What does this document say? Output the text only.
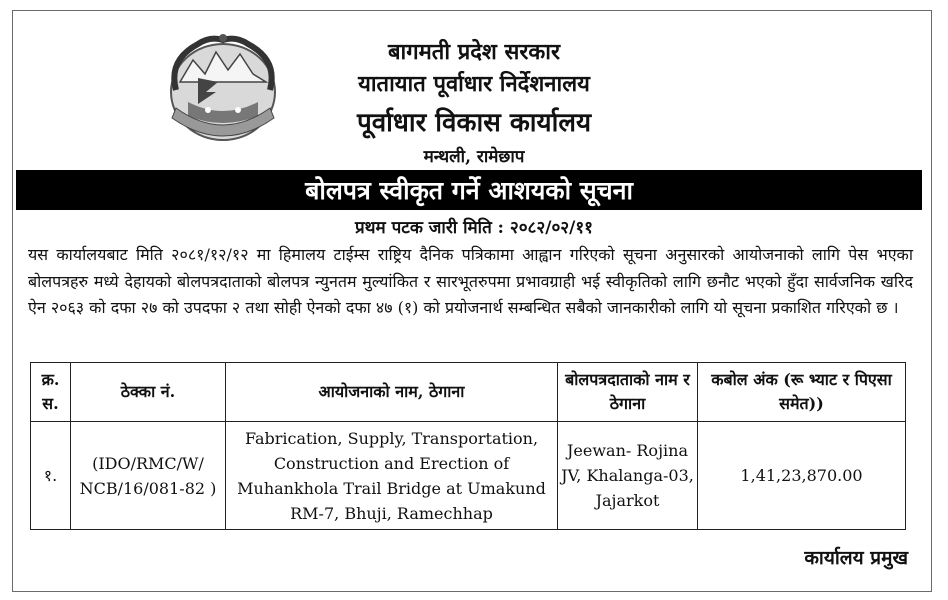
बागमती प्रदेश सरकार
यातायात पूर्वाधार निर्देशनालय
पूर्वाधार विकास कार्यालय
मन्थली, रामेछाप
बोलपत्र स्वीकृत गर्ने आशयको सूचना
प्रथम पटक जारी मिति : २०८२/०२/११
यस कार्यालयबाट मिति २०८१/१२/१२ मा हिमालय टाईम्स राष्ट्रिय दैनिक पत्रिकामा आह्वान गरिएको सूचना अनुसारको आयोजनाको लागि पेस भएका बोलपत्रहरु मध्ये देहायको बोलपत्रदाताको बोलपत्र न्युनतम मुल्यांकित र सारभूतरुपमा प्रभावग्राही भई स्वीकृतिको लागि छनौट भएको हुँदा सार्वजनिक खरिद ऐन २०६३ को दफा २७ को उपदफा २ तथा सोही ऐनको दफा ४७ (१) को प्रयोजनार्थ सम्बन्धित सबैको जानकारीको लागि यो सूचना प्रकाशित गरिएको छ ।
क्र. स.	ठेक्का नं.	आयोजनाको नाम, ठेगाना	बोलपत्रदाताको नाम र ठेगाना	कबोल अंक (रू भ्याट र पिएसा समेत))
१.	(IDO/RMC/W/ NCB/16/081-82 )	Fabrication, Supply, Transportation, Construction and Erection of Muhankhola Trail Bridge at Umakund RM-7, Bhuji, Ramechhap	Jeewan- Rojina JV, Khalanga-03, Jajarkot	1,41,23,870.00
कार्यालय प्रमुख
